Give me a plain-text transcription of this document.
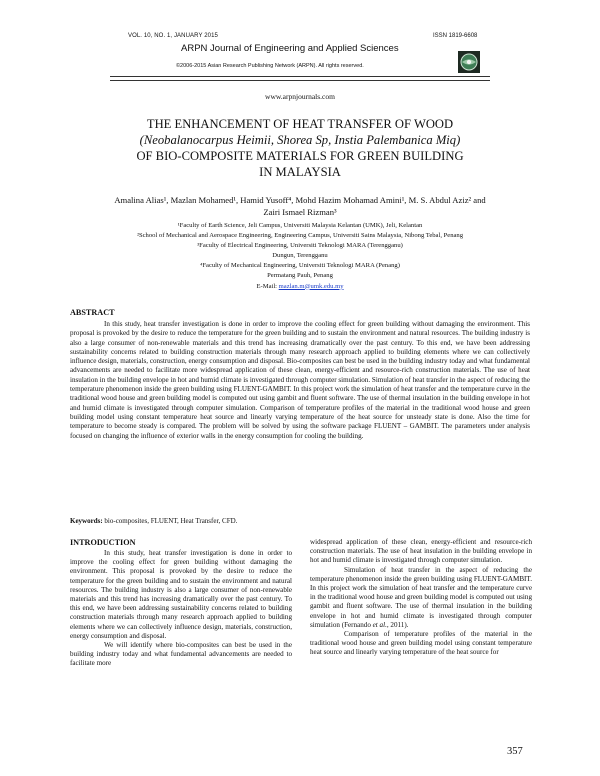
VOL. 10, NO. 1, JANUARY 2015	ISSN 1819-6608
ARPN Journal of Engineering and Applied Sciences
©2006-2015 Asian Research Publishing Network (ARPN). All rights reserved.
www.arpnjournals.com
THE ENHANCEMENT OF HEAT TRANSFER OF WOOD
(Neobalanocarpus Heimii, Shorea Sp, Instia Palembanica Miq)
OF BIO-COMPOSITE MATERIALS FOR GREEN BUILDING
IN MALAYSIA
Amalina Alias¹, Mazlan Mohamed¹, Hamid Yusoff⁴, Mohd Hazim Mohamad Amini¹, M. S. Abdul Aziz² and
Zairi Ismael Rizman³
¹Faculty of Earth Science, Jeli Campus, Universiti Malaysia Kelantan (UMK), Jeli, Kelantan
²School of Mechanical and Aerospace Engineering, Engineering Campus, Universiti Sains Malaysia, Nibong Tebal, Penang
³Faculty of Electrical Engineering, Universiti Teknologi MARA (Terengganu)
Dungun, Terengganu
⁴Faculty of Mechanical Engineering, Universiti Teknologi MARA (Penang)
Permatang Pauh, Penang
E-Mail: mazlan.m@umk.edu.my
ABSTRACT
In this study, heat transfer investigation is done in order to improve the cooling effect for green building without damaging the environment. This proposal is provoked by the desire to reduce the temperature for the green building and to sustain the environment and natural resources. The building industry is also a large consumer of non-renewable materials and this trend has increasing dramatically over the past century. To this end, we have been addressing sustainability concerns related to building construction materials through many research approach applied to building elements where we can collectively influence design, materials, construction, energy consumption and disposal. Bio-composites can best be used in the building industry today and what fundamental advancements are needed to facilitate more widespread application of these clean, energy-efficient and resource-rich construction materials. The use of heat insulation in the building envelope in hot and humid climate is investigated through computer simulation. Simulation of heat transfer in the aspect of reducing the temperature phenomenon inside the green building using FLUENT-GAMBIT. In this project work the simulation of heat transfer and the temperature curve in the traditional wood house and green building model is computed out using gambit and fluent software. The use of thermal insulation in the building envelope in hot and humid climate is investigated through computer simulation. Comparison of temperature profiles of the material in the traditional wood house and green building model using constant temperature heat source and linearly varying temperature of the heat source for unsteady state is done. Also the time for temperature to become steady is compared. The problem will be solved by using the software package FLUENT – GAMBIT. The parameters under analysis focused on changing the influence of exterior walls in the energy consumption for cooling the building.
Keywords: bio-composites, FLUENT, Heat Transfer, CFD.
INTRODUCTION

In this study, heat transfer investigation is done in order to improve the cooling effect for green building without damaging the environment. This proposal is provoked by the desire to reduce the temperature for the green building and to sustain the environment and natural resources. The building industry is also a large consumer of non-renewable materials and this trend has increasing dramatically over the past century. To this end, we have been addressing sustainability concerns related to building construction materials through many research approach applied to building elements where we can collectively influence design, materials, construction, energy consumption and disposal.

We will identify where bio-composites can best be used in the building industry today and what fundamental advancements are needed to facilitate more

widespread application of these clean, energy-efficient and resource-rich construction materials. The use of heat insulation in the building envelope in hot and humid climate is investigated through computer simulation.

Simulation of heat transfer in the aspect of reducing the temperature phenomenon inside the green building using FLUENT-GAMBIT. In this project work the simulation of heat transfer and the temperature curve in the traditional wood house and green building model is computed out using gambit and fluent software. The use of thermal insulation in the building envelope in hot and humid climate is investigated through computer simulation (Fernando et al., 2011).

Comparison of temperature profiles of the material in the traditional wood house and green building model using constant temperature heat source and linearly varying temperature of the heat source for

357
